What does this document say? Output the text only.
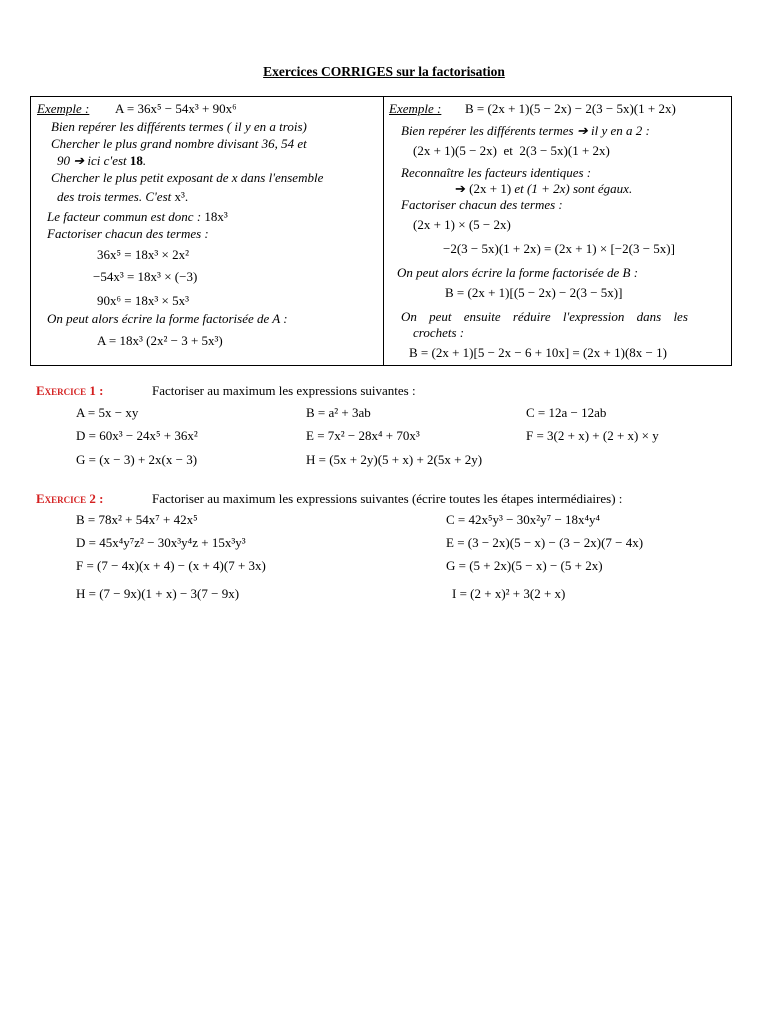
Exercices CORRIGES sur la factorisation
Exemple : A = 36x⁵ − 54x³ + 90x⁶
Bien repérer les différents termes ( il y en a trois)
Chercher le plus grand nombre divisant 36, 54 et
90 ➔ ici c'est 18.
Chercher le plus petit exposant de x dans l'ensemble
des trois termes. C'est x³.
Le facteur commun est donc : 18x³
Factoriser chacun des termes :
36x⁵ = 18x³ × 2x²
−54x³ = 18x³ × (−3)
90x⁶ = 18x³ × 5x³
On peut alors écrire la forme factorisée de A :
A = 18x³ (2x² − 3 + 5x³)
Exemple : B = (2x + 1)(5 − 2x) − 2(3 − 5x)(1 + 2x)
Bien repérer les différents termes ➔ il y en a 2 :
(2x + 1)(5 − 2x) et 2(3 − 5x)(1 + 2x)
Reconnaître les facteurs identiques :
➔ (2x + 1) et (1 + 2x) sont égaux.
Factoriser chacun des termes :
(2x + 1) × (5 − 2x)
−2(3 − 5x)(1 + 2x) = (2x + 1) × [−2(3 − 5x)]
On peut alors écrire la forme factorisée de B :
B = (2x + 1)[(5 − 2x) − 2(3 − 5x)]
On peut ensuite réduire l'expression dans les
crochets :
B = (2x + 1)[5 − 2x − 6 + 10x] = (2x + 1)(8x − 1)
Exercice 1 :	Factoriser au maximum les expressions suivantes :
A = 5x − xy	B = a² + 3ab	C = 12a − 12ab
D = 60x³ − 24x⁵ + 36x²	E = 7x² − 28x⁴ + 70x³	F = 3(2 + x) + (2 + x) × y
G = (x − 3) + 2x(x − 3)	H = (5x + 2y)(5 + x) + 2(5x + 2y)
Exercice 2 :	Factoriser au maximum les expressions suivantes (écrire toutes les étapes intermédiaires) :
B = 78x² + 54x⁷ + 42x⁵	C = 42x⁵y³ − 30x²y⁷ − 18x⁴y⁴
D = 45x⁴y⁷z² − 30x³y⁴z + 15x³y³	E = (3 − 2x)(5 − x) − (3 − 2x)(7 − 4x)
F = (7 − 4x)(x + 4) − (x + 4)(7 + 3x)	G = (5 + 2x)(5 − x) − (5 + 2x)
H = (7 − 9x)(1 + x) − 3(7 − 9x)	I = (2 + x)² + 3(2 + x)
